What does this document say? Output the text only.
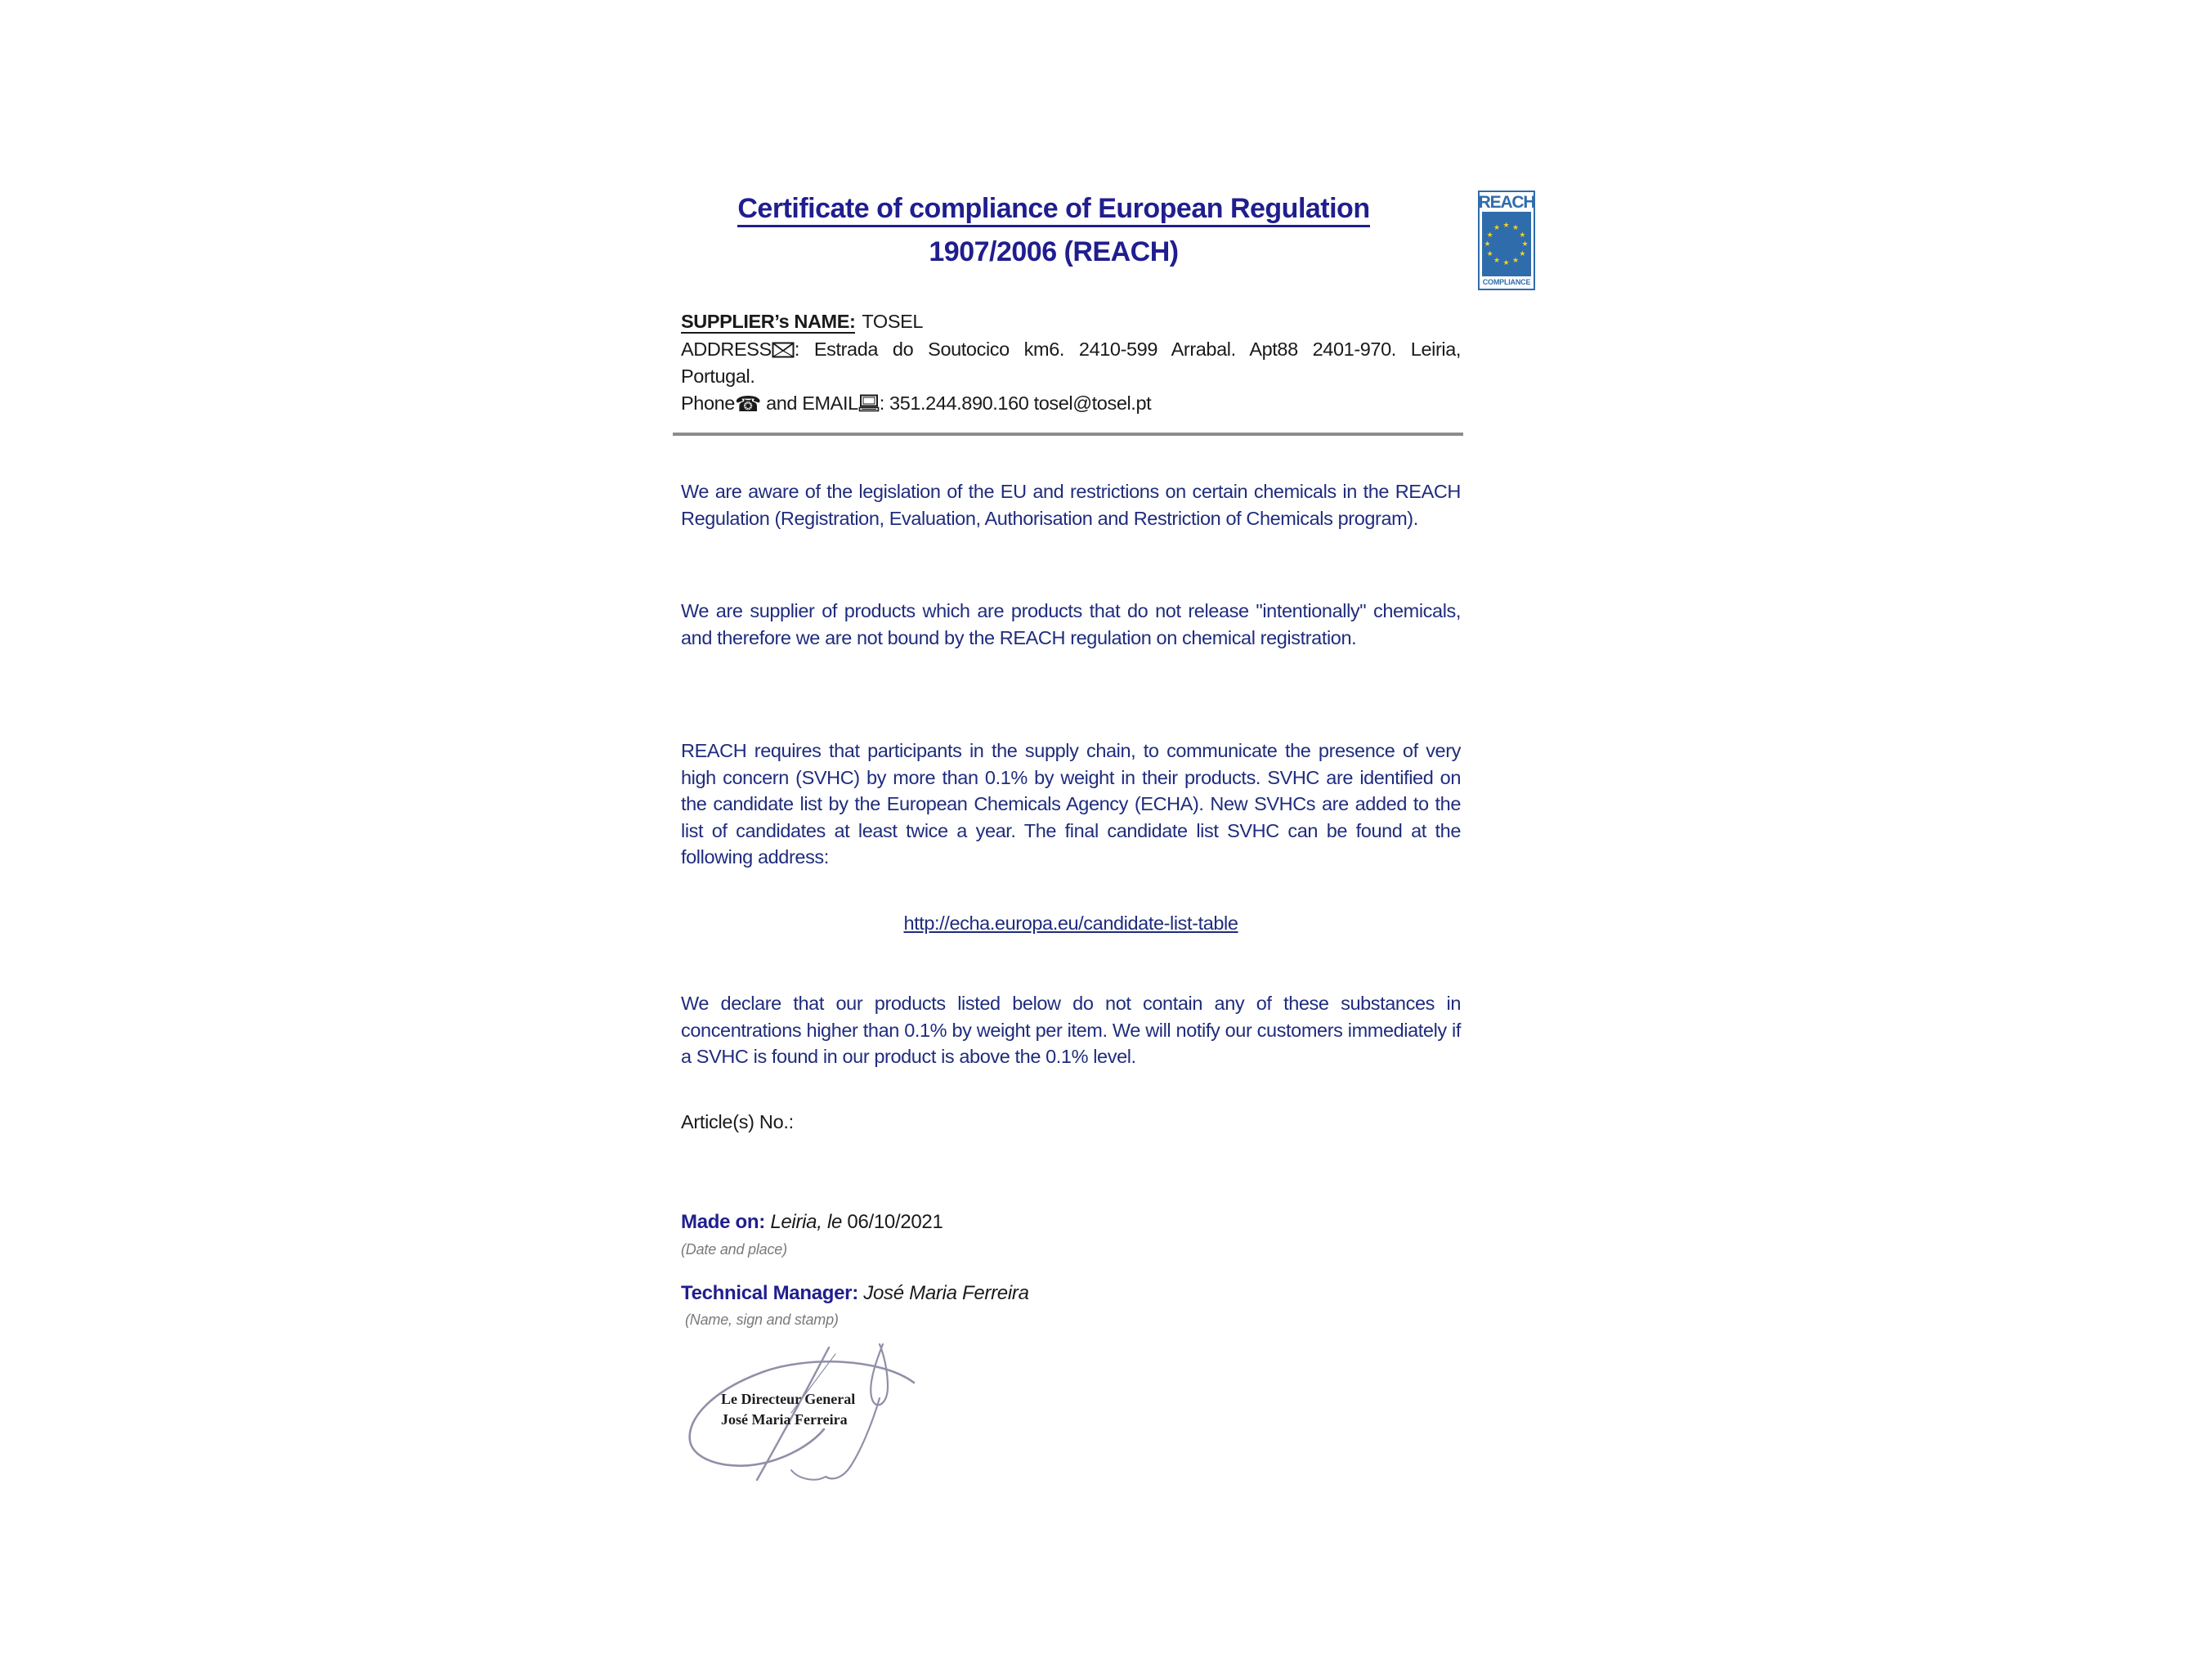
Certificate of compliance of European Regulation
1907/2006 (REACH)
REACH
★ ★
★
★
★
★
★
★
★
★
★
★
COMPLIANCE
SUPPLIER’s NAME: TOSEL
ADDRESS : Estrada do Soutocico km6. 2410-599 Arrabal. Apt88 2401-970. Leiria,
Portugal.
Phone☎ and EMAIL : 351.244.890.160 tosel@tosel.pt
We are aware of the legislation of the EU and restrictions on certain chemicals in the REACH Regulation (Registration, Evaluation, Authorisation and Restriction of Chemicals program).
We are supplier of products which are products that do not release "intentionally" chemicals, and therefore we are not bound by the REACH regulation on chemical registration.
REACH requires that participants in the supply chain, to communicate the presence of very high concern (SVHC) by more than 0.1% by weight in their products. SVHC are identified on the candidate list by the European Chemicals Agency (ECHA). New SVHCs are added to the list of candidates at least twice a year. The final candidate list SVHC can be found at the following address:
http://echa.europa.eu/candidate-list-table
We declare that our products listed below do not contain any of these substances in concentrations higher than 0.1% by weight per item. We will notify our customers immediately if a SVHC is found in our product is above the 0.1% level.
Article(s) No.:
Made on: Leiria, le 06/10/2021
(Date and place)
Technical Manager: José Maria Ferreira
(Name, sign and stamp)
Le Directeur General
José Maria Ferreira
